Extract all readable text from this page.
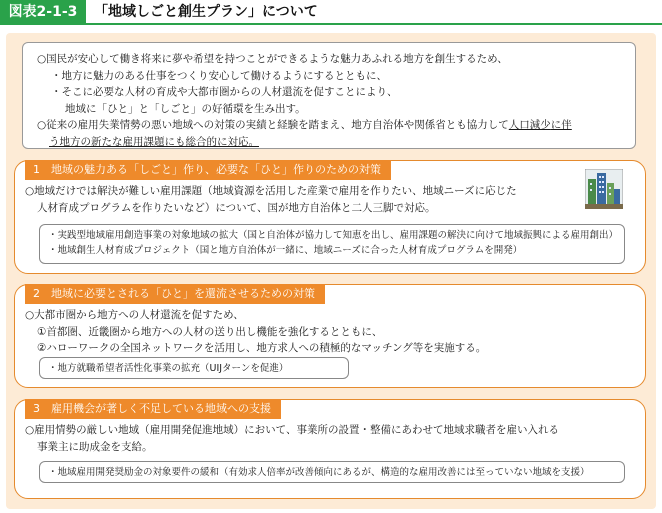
図表2-1-3	「地域しごと創生プラン」について
○国民が安心して働き将来に夢や希望を持つことができるような魅力あふれる地方を創生するため、
・地方に魅力のある仕事をつくり安心して働けるようにするとともに、
・そこに必要な人材の育成や大都市圏からの人材還流を促すことにより、
地域に「ひと」と「しごと」の好循環を生み出す。
○従来の雇用失業情勢の悪い地域への対策の実績と経験を踏まえ、地方自治体や関係省とも協力して人口減少に伴
う地方の新たな雇用課題にも総合的に対応。
1　地域の魅力ある「しごと」作り、必要な「ひと」作りのための対策
○地域だけでは解決が難しい雇用課題（地域資源を活用した産業で雇用を作りたい、地域ニーズに応じた
人材育成プログラムを作りたいなど）について、国が地方自治体と二人三脚で対応。
・実践型地域雇用創造事業の対象地域の拡大（国と自治体が協力して知恵を出し、雇用課題の解決に向けて地域振興による雇用創出）
・地域創生人材育成プロジェクト（国と地方自治体が一緒に、地域ニーズに合った人材育成プログラムを開発）
2　地域に必要とされる「ひと」を還流させるための対策
○大都市圏から地方への人材還流を促すため、
①首都圏、近畿圏から地方への人材の送り出し機能を強化するとともに、
②ハローワークの全国ネットワークを活用し、地方求人への積極的なマッチング等を実施する。
・地方就職希望者活性化事業の拡充（UIJターンを促進）
3　雇用機会が著しく不足している地域への支援
○雇用情勢の厳しい地域（雇用開発促進地域）において、事業所の設置・整備にあわせて地域求職者を雇い入れる
事業主に助成金を支給。
・地域雇用開発奨励金の対象要件の緩和（有効求人倍率が改善傾向にあるが、構造的な雇用改善には至っていない地域を支援）
